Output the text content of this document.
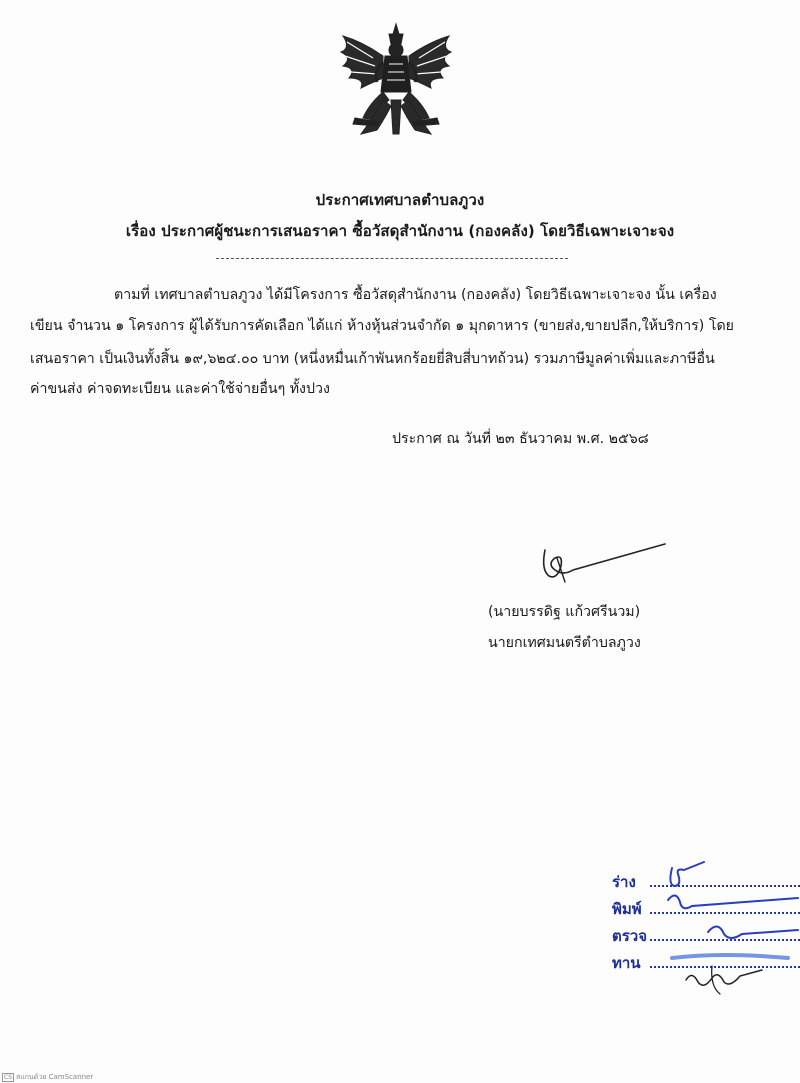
ประกาศเทศบาลตำบลภูวง
เรื่อง ประกาศผู้ชนะการเสนอราคา ซื้อวัสดุสำนักงาน (กองคลัง) โดยวิธีเฉพาะเจาะจง
ตามที่ เทศบาลตำบลภูวง ได้มีโครงการ ซื้อวัสดุสำนักงาน (กองคลัง) โดยวิธีเฉพาะเจาะจง นั้น เครื่อง
เขียน จำนวน ๑ โครงการ ผู้ได้รับการคัดเลือก ได้แก่ ห้างหุ้นส่วนจำกัด ๑ มุกดาหาร (ขายส่ง,ขายปลีก,ให้บริการ) โดย
เสนอราคา เป็นเงินทั้งสิ้น ๑๙,๖๒๔.๐๐ บาท (หนึ่งหมื่นเก้าพันหกร้อยยี่สิบสี่บาทถ้วน) รวมภาษีมูลค่าเพิ่มและภาษีอื่น
ค่าขนส่ง ค่าจดทะเบียน และค่าใช้จ่ายอื่นๆ ทั้งปวง
ประกาศ ณ วันที่ ๒๓ ธันวาคม พ.ศ. ๒๕๖๘
(นายบรรดิฐ แก้วศรีนวม)
นายกเทศมนตรีตำบลภูวง
ร่าง
พิมพ์
ตรวจ
ทาน
CS สแกนด้วย CamScanner
